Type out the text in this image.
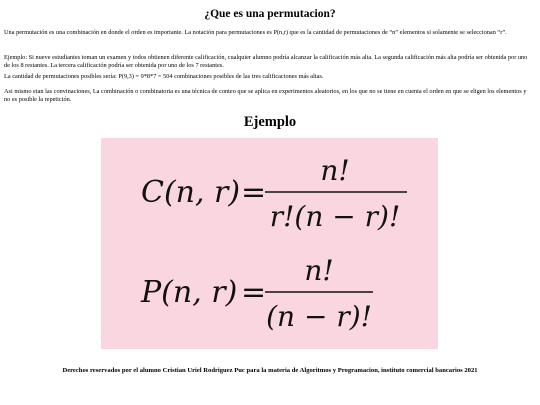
¿Que es una permutacion?

Una permutación es una combinación en donde el orden es importante. La notación para permutaciones es P(n,r) que es la cantidad de permutaciones de “n” elementos si solamente se seleccionan “r”.

Ejemplo: Si nueve estudiantes toman un examen y todos obtienen diferente calificación, cualquier alumno podría alcanzar la calificación más alta. La segunda calificación más alta podría ser obtenida por uno de los 8 restantes. La tercera calificación podría ser obtenida por uno de los 7 restantes.

La cantidad de permutaciones posibles sería: P(9,3) = 9*8*7 = 504 combinaciones posibles de las tres calificaciones más altas.

Asi mismo etan las convinaciones, La combinación o combinatoria es una técnica de conteo que se aplica en experimentos aleatorios, en los que no se tiene en cuenta el orden en que se eligen los elementos y no es posible la repetición.

Ejemplo
C(n, r) =
n!
r!(n − r)!
P(n, r) =
n!
(n − r)!

Derechos reservados por el alumno Cristian Uriel Rodriguez Puc para la materia de Algoritmos y Programacion, instituto comercial bancarios 2021
